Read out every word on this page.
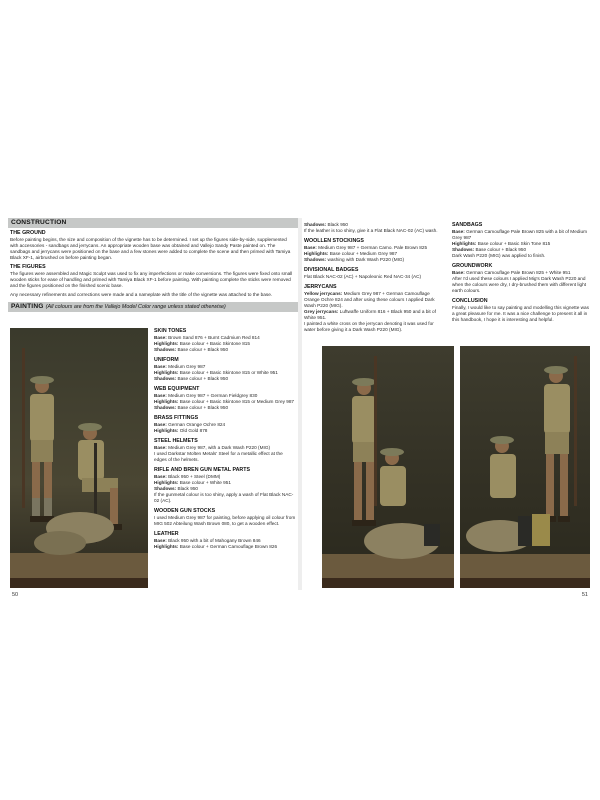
CONSTRUCTION
THE GROUND
Before painting begins, the size and composition of the vignette has to be determined. I set up the figures side-by-side, supplemented with accessories - sandbags and jerrycans. An appropriate wooden base was obtained and Vallejo Sandy Paste painted on. The sandbags and jerrycans were positioned on the base and a few stones were added to complete the scene and then primed with Tamiya Black XF-1, airbrushed on before painting began.
THE FIGURES
The figures were assembled and Magic Sculpt was used to fix any imperfections or make conversions. The figures were fixed onto small wooden sticks for ease of handling and primed with Tamiya Black XF-1 before painting. With painting complete the sticks were removed and the figures positioned on the finished scenic base.
Any necessary refinements and corrections were made and a nameplate with the title of the vignette was attached to the base.
PAINTING (All colours are from the Vallejo Model Color range unless stated otherwise)
SKIN TONES
Base: Brown Sand 876 + Burnt Cadmium Red 814
Highlights: Base colour + Basic Skintone 815
Shadows: Base colour + Black 950
UNIFORM
Base: Medium Grey 987
Highlights: Base colour + Basic Skintone 815 or White 951
Shadows: Base colour + Black 950
WEB EQUIPMENT
Base: Medium Grey 987 + German Fieldgrey 830
Highlights: Base colour + Basic Skintone 815 or Medium Grey 987
Shadows: Base colour + Black 950
BRASS FITTINGS
Base: German Orange Ochre 824
Highlights: Old Gold 878
STEEL HELMETS
Base: Medium Grey 987, with a Dark Wash P220 (MIG)
I used Darkstar Molten Metals' Steel for a metallic effect at the edges of the helmets.
RIFLE AND BREN GUN METAL PARTS
Base: Black 950 + Steel (DMM)
Highlights: Base colour + White 951
Shadows: Black 950
If the gunmetal colour is too shiny, apply a wash of Flat Black NAC-02 (AC).
WOODEN GUN STOCKS
I used Medium Grey 987 for painting, before applying oil colour from MIG 502 Abteilung Wash Brown 080, to get a wooden effect.
LEATHER
Base: Black 950 with a bit of Mahogany Brown 846
Highlights: Base colour + German Camouflage Brown 826
Shadows: Black 950
If the leather is too shiny, give it a Flat Black NAC-02 (AC) wash.
WOOLLEN STOCKINGS
Base: Medium Grey 987 + German Camo. Pale Brown 825
Highlights: Base colour + Medium Grey 987
Shadows: washing with Dark Wash P220 (MIG)
DIVISIONAL BADGES
Flat Black NAC-02 (AC) + Napoleonic Red NAC-34 (AC)
JERRYCANS
Yellow jerrycans: Medium Grey 987 + German Camouflage Orange Ochre 824 and after using these colours I applied Dark Wash P220 (MIG).
Grey jerrycans: Luftwaffe Uniform 816 + Black 950 and a bit of White 951.
I painted a white cross on the jerrycan denoting it was used for water before giving it a Dark Wash P220 (MIG).
SANDBAGS
Base: German Camouflage Pale Brown 825 with a bit of Medium Grey 987
Highlights: Base colour + Basic Skin Tone 815
Shadows: Base colour + Black 950
Dark Wash P220 (MIG) was applied to finish.
GROUNDWORK
Base: German Camouflage Pale Brown 825 + White 951
After I'd used these colours I applied Mig's Dark Wash P220 and when the colours were dry, I dry-brushed them with different light earth colours.
CONCLUSION
Finally, I would like to say painting and modelling this vignette was a great pleasure for me. It was a nice challenge to present it all in this handbook, I hope it is interesting and helpful.
50	51
